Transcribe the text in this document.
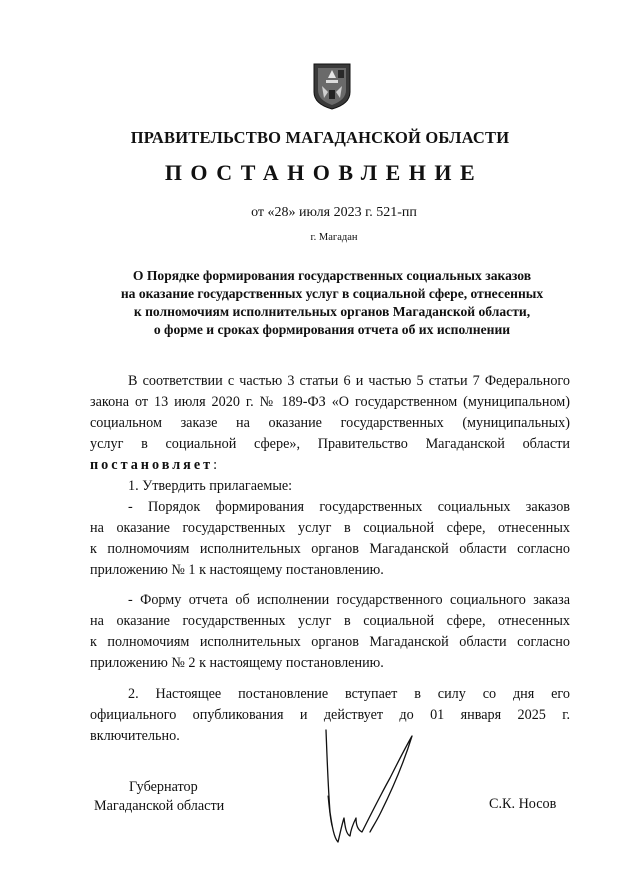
ПРАВИТЕЛЬСТВО МАГАДАНСКОЙ ОБЛАСТИ
ПОСТАНОВЛЕНИЕ
от «28» июля 2023 г. 521-пп
г. Магадан
О Порядке формирования государственных социальных заказов
на оказание государственных услуг в социальной сфере, отнесенных
к полномочиям исполнительных органов Магаданской области,
о форме и сроках формирования отчета об их исполнении
В соответствии с частью 3 статьи 6 и частью 5 статьи 7 Федерального
закона от 13 июля 2020 г. № 189-ФЗ «О государственном (муниципальном)
социальном заказе на оказание государственных (муниципальных)
услуг в социальной сфере», Правительство Магаданской области
постановляет:
1. Утвердить прилагаемые:
- Порядок формирования государственных социальных заказов
на оказание государственных услуг в социальной сфере, отнесенных
к полномочиям исполнительных органов Магаданской области согласно
приложению № 1 к настоящему постановлению.
- Форму отчета об исполнении государственного социального заказа
на оказание государственных услуг в социальной сфере, отнесенных
к полномочиям исполнительных органов Магаданской области согласно
приложению № 2 к настоящему постановлению.
2. Настоящее постановление вступает в силу со дня его
официального опубликования и действует до 01 января 2025 г.
включительно.
Губернатор
Магаданской области	С.К. Носов
